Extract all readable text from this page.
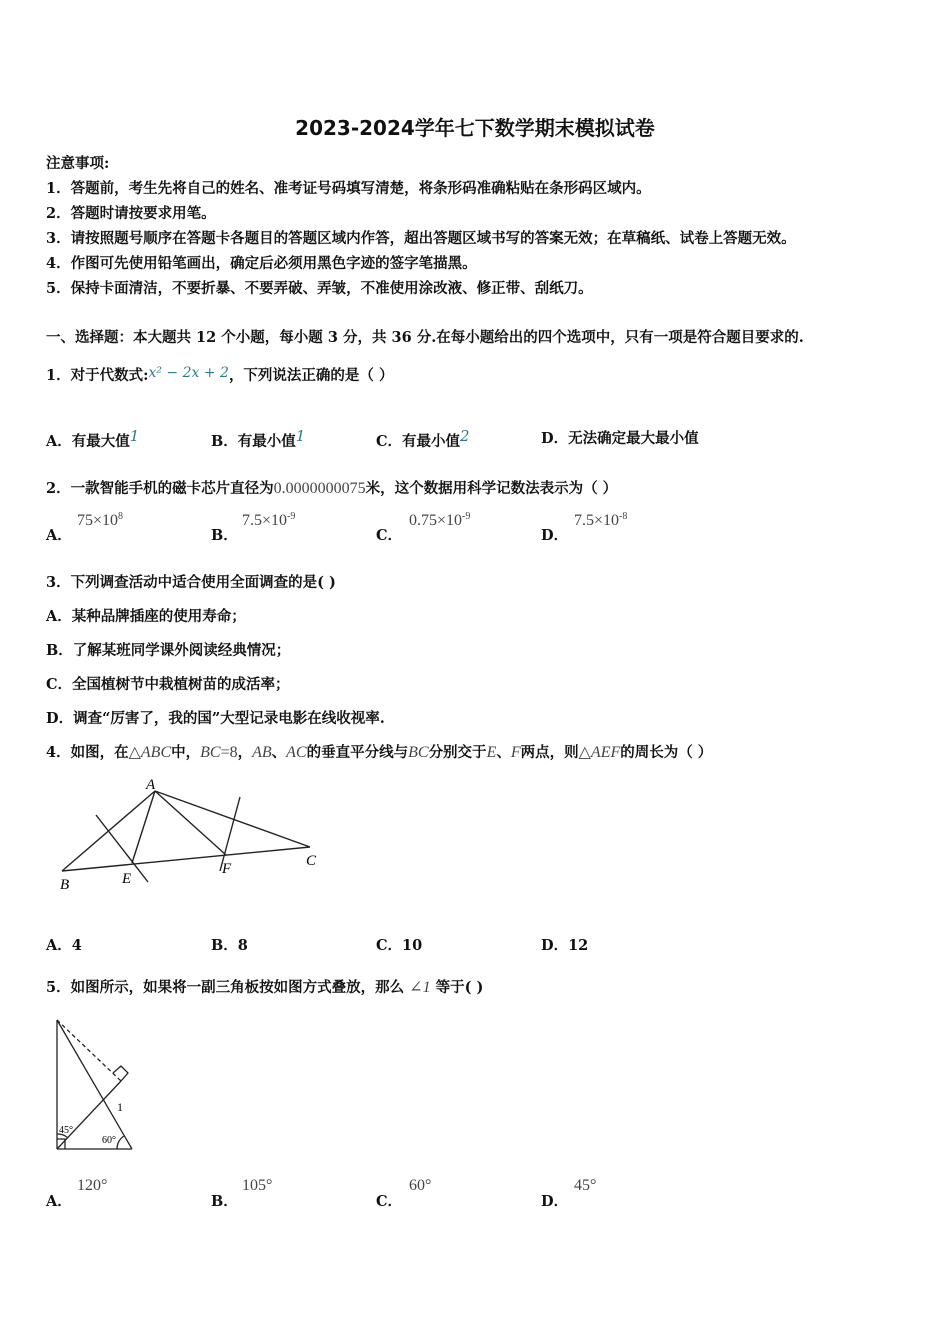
2023-2024学年七下数学期末模拟试卷
注意事项:
1．答题前，考生先将自己的姓名、准考证号码填写清楚，将条形码准确粘贴在条形码区域内。
2．答题时请按要求用笔。
3．请按照题号顺序在答题卡各题目的答题区域内作答，超出答题区域书写的答案无效；在草稿纸、试卷上答题无效。
4．作图可先使用铅笔画出，确定后必须用黑色字迹的签字笔描黑。
5．保持卡面清洁，不要折暴、不要弄破、弄皱，不准使用涂改液、修正带、刮纸刀。
一、选择题：本大题共 12 个小题，每小题 3 分，共 36 分.在每小题给出的四个选项中，只有一项是符合题目要求的.
1．对于代数式:x² − 2x + 2，下列说法正确的是（ ）
A．有最大值1	B．有最小值1	C．有最小值2	D．无法确定最大最小值
2．一款智能手机的磁卡芯片直径为0.0000000075米，这个数据用科学记数法表示为（ ）
A．
$75\times 10^8$
B．
$7.5\times 10^{-9}$
C．
$0.75\times 10^{-9}$
D．
$7.5\times 10^{-8}$
3．下列调查活动中适合使用全面调查的是( )
A．某种品牌插座的使用寿命；
B．了解某班同学课外阅读经典情况；
C．全国植树节中栽植树苗的成活率；
D．调查“厉害了，我的国”大型记录电影在线收视率.
4．如图，在△ABC中，BC=8，AB、AC的垂直平分线与BC分别交于E、F两点，则△AEF的周长为（ ）
A
B
C
E
F
A．4	B．8	C．10	D．12
5．如图所示，如果将一副三角板按如图方式叠放，那么 ∠1 等于( )
45°
60°
1
A．
120°
B．
105°
C．
60°
D．
45°
